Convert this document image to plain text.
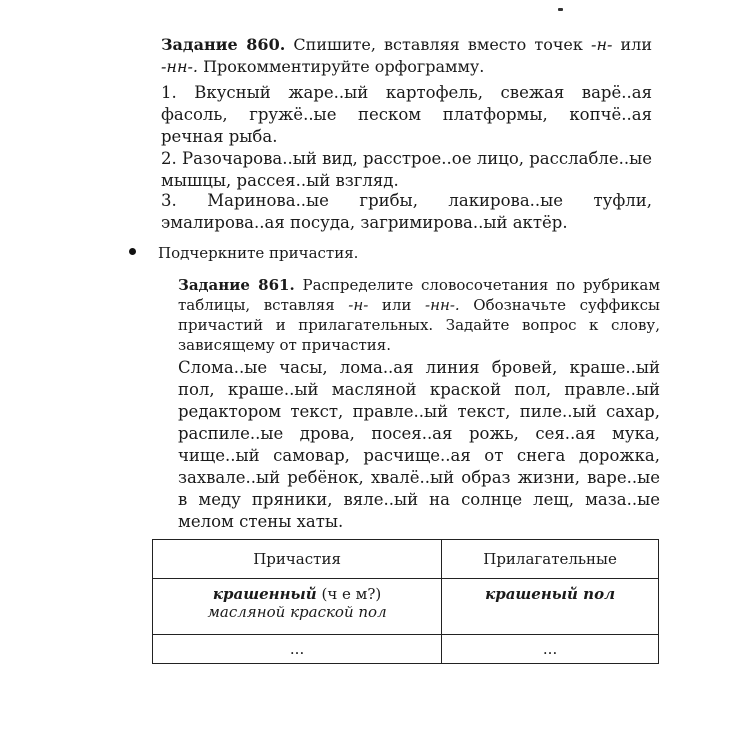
Задание 860. Спишите, вставляя вместо точек -н- или -нн-. Прокомментируйте орфограмму.

1. Вкусный жаре..ый картофель, свежая варё..ая фасоль, гружё..ые песком платформы, копчё..ая речная рыба.

2. Разочарова..ый вид, расстрое..ое лицо, расслабле..ые мышцы, рассея..ый взгляд.

3. Маринова..ые грибы, лакирова..ые туфли, эмалирова..ая посуда, загримирова..ый актёр.

Подчеркните причастия.

Задание 861. Распределите словосочетания по рубрикам таблицы, вставляя -н- или -нн-. Обозначьте суффиксы причастий и прилагательных. Задайте вопрос к слову, зависящему от причастия.

Слома..ые часы, лома..ая линия бровей, краше..ый пол, краше..ый масляной краской пол, правле..ый редактором текст, правле..ый текст, пиле..ый сахар, распиле..ые дрова, посея..ая рожь, сея..ая мука, чище..ый самовар, расчище..ая от снега дорожка, захвале..ый ребёнок, хвалё..ый образ жизни, варе..ые в меду пряники, вяле..ый на солнце лещ, маза..ые мелом стены хаты.

Причастия	Прилагательные
крашенный (ч е м?)
масляной краской пол	крашеный пол
...	...
